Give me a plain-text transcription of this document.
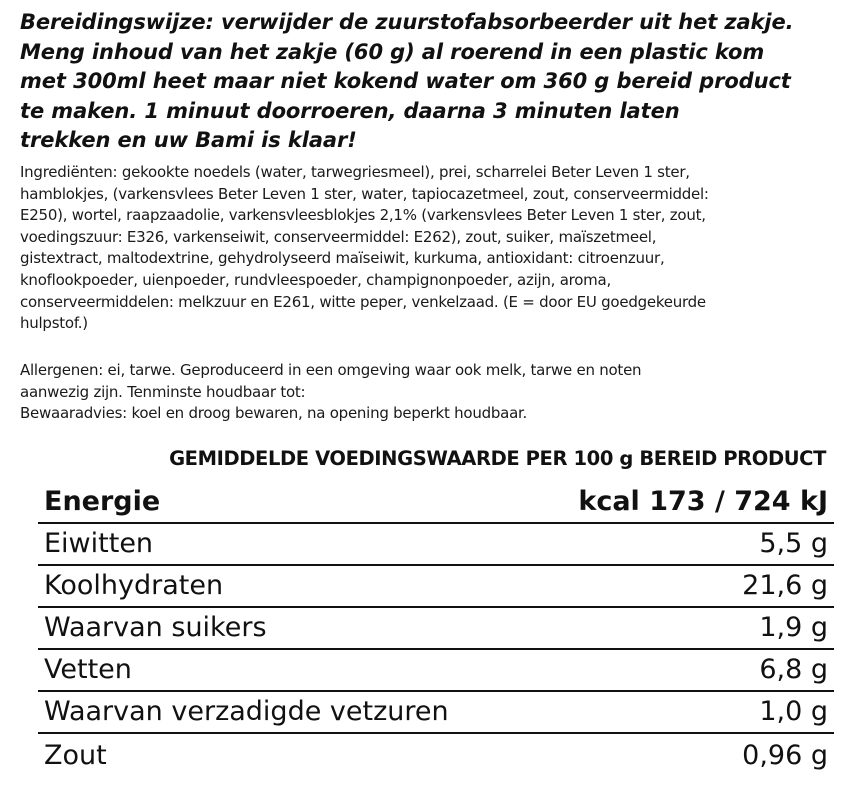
Bereidingswijze: verwijder de zuurstofabsorbeerder uit het zakje.
Meng inhoud van het zakje (60 g) al roerend in een plastic kom
met 300ml heet maar niet kokend water om 360 g bereid product
te maken. 1 minuut doorroeren, daarna 3 minuten laten
trekken en uw Bami is klaar!
Ingrediënten: gekookte noedels (water, tarwegriesmeel), prei, scharrelei Beter Leven 1 ster,
hamblokjes, (varkensvlees Beter Leven 1 ster, water, tapiocazetmeel, zout, conserveermiddel:
E250), wortel, raapzaadolie, varkensvleesblokjes 2,1% (varkensvlees Beter Leven 1 ster, zout,
voedingszuur: E326, varkenseiwit, conserveermiddel: E262), zout, suiker, maïszetmeel,
gistextract, maltodextrine, gehydrolyseerd maïseiwit, kurkuma, antioxidant: citroenzuur,
knoflookpoeder, uienpoeder, rundvleespoeder, champignonpoeder, azijn, aroma,
conserveermiddelen: melkzuur en E261, witte peper, venkelzaad. (E = door EU goedgekeurde
hulpstof.)
Allergenen: ei, tarwe. Geproduceerd in een omgeving waar ook melk, tarwe en noten
aanwezig zijn. Tenminste houdbaar tot:
Bewaaradvies: koel en droog bewaren, na opening beperkt houdbaar.
GEMIDDELDE VOEDINGSWAARDE PER 100 g BEREID PRODUCT
Energie	kcal 173 / 724 kJ
Eiwitten	5,5 g
Koolhydraten	21,6 g
Waarvan suikers	1,9 g
Vetten	6,8 g
Waarvan verzadigde vetzuren	1,0 g
Zout	0,96 g
